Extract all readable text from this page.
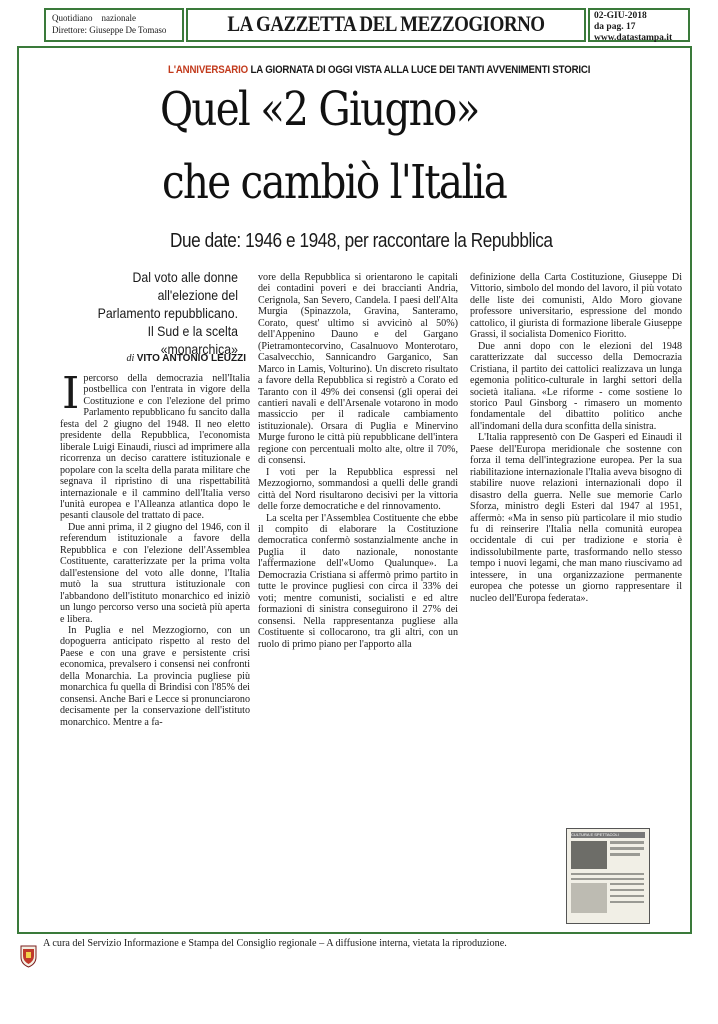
Quotidiano    nazionale
Direttore: Giuseppe De Tomaso	LA GAZZETTA DEL MEZZOGIORNO	02-GIU-2018
da pag. 17
www.datastampa.it
L'ANNIVERSARIO LA GIORNATA DI OGGI VISTA ALLA LUCE DEI TANTI AVVENIMENTI STORICI
Quel «2 Giugno»
che cambiò l'Italia
Due date: 1946 e 1948, per raccontare la Repubblica
Dal voto alle donne all'elezione del Parlamento repubblicano. Il Sud e la scelta «monarchica»
di VITO ANTONIO LEUZZI
I percorso della democrazia nell'Italia postbellica con l'entrata in vigore della Costituzione e con l'elezione del primo Parlamento repubblicano fu sancito dalla festa del 2 giugno del 1948. Il neo eletto presidente della Repubblica, l'economista liberale Luigi Einaudi, riuscì ad imprimere alla ricorrenza un deciso carattere istituzionale e popolare con la scelta della parata militare che segnava il ripristino di una rispettabilità internazionale e il cammino dell'Italia verso l'unità europea e l'Alleanza atlantica dopo le pesanti clausole del trattato di pace.

Due anni prima, il 2 giugno del 1946, con il referendum istituzionale a favore della Repubblica e con l'elezione dell'Assemblea Costituente, caratterizzate per la prima volta dall'estensione del voto alle donne, l'Italia mutò la sua struttura istituzionale con l'abbandono dell'istituto monarchico ed iniziò un lungo percorso verso una società più aperta e libera.

In Puglia e nel Mezzogiorno, con un dopoguerra anticipato rispetto al resto del Paese e con una grave e persistente crisi economica, prevalsero i consensi nei confronti della Monarchia. La provincia pugliese più monarchica fu quella di Brindisi con l'85% dei consensi. Anche Bari e Lecce si pronunciarono decisamente per la conservazione dell'istituto monarchico. Mentre a fa-

vore della Repubblica si orientarono le capitali dei contadini poveri e dei braccianti Andria, Cerignola, San Severo, Candela. I paesi dell'Alta Murgia (Spinazzola, Gravina, Santeramo, Corato, quest' ultimo si avvicinò al 50%) dell'Appenino Dauno e del Gargano (Pietramontecorvino, Casalnuovo Monterotaro, Casalvecchio, Sannicandro Garganico, San Marco in Lamis, Volturino). Un discreto risultato a favore della Repubblica si registrò a Corato ed Taranto con il 49% dei consensi (gli operai dei cantieri navali e dell'Arsenale votarono in modo massiccio per il radicale cambiamento istituzionale). Orsara di Puglia e Minervino Murge furono le città più repubblicane dell'intera regione con percentuali molto alte, oltre il 70%, di consensi.

I voti per la Repubblica espressi nel Mezzogiorno, sommandosi a quelli delle grandi città del Nord risultarono decisivi per la vittoria delle forze democratiche e del rinnovamento.

La scelta per l'Assemblea Costituente che ebbe il compito di elaborare la Costituzione democratica confermò sostanzialmente anche in Puglia il dato nazionale, nonostante l'affermazione dell'«Uomo Qualunque». La Democrazia Cristiana si affermò primo partito in tutte le province pugliesi con circa il 33% dei voti; mentre comunisti, socialisti e ed altre formazioni di sinistra conseguirono il 27% dei consensi. Nella rappresentanza pugliese alla Costituente si collocarono, tra gli altri, con un ruolo di primo piano per l'apporto alla

definizione della Carta Costituzione, Giuseppe Di Vittorio, simbolo del mondo del lavoro, il più votato delle liste dei comunisti, Aldo Moro giovane professore universitario, espressione del mondo cattolico, il giurista di formazione liberale Giuseppe Grassi, il socialista Domenico Fioritto.

Due anni dopo con le elezioni del 1948 caratterizzate dal successo della Democrazia Cristiana, il partito dei cattolici realizzava un lunga egemonia politico-culturale in larghi settori della società italiana. «Le riforme - come sostiene lo storico Paul Ginsborg - rimasero un momento fondamentale del dibattito politico anche all'indomani della dura sconfitta della sinistra.

L'Italia rappresentò con De Gasperi ed Einaudi il Paese dell'Europa meridionale che sostenne con forza il tema dell'integrazione europea. Per la sua riabilitazione internazionale l'Italia aveva bisogno di stabilire nuove relazioni internazionali dopo il disastro della guerra. Nelle sue memorie Carlo Sforza, ministro degli Esteri dal 1947 al 1951, affermò: «Ma in senso più particolare il mio studio fu di reinserire l'Italia nella comunità europea occidentale di cui per tradizione e storia è indissolubilmente parte, trasformando nello stesso tempo i nuovi legami, che man mano riuscivamo ad intessere, in una organizzazione permanente europea che potesse un giorno rappresentare il nucleo dell'Europa federata».

CULTURA E SPETTACOLI
A cura del Servizio Informazione e Stampa del Consiglio regionale – A diffusione interna, vietata la riproduzione.
